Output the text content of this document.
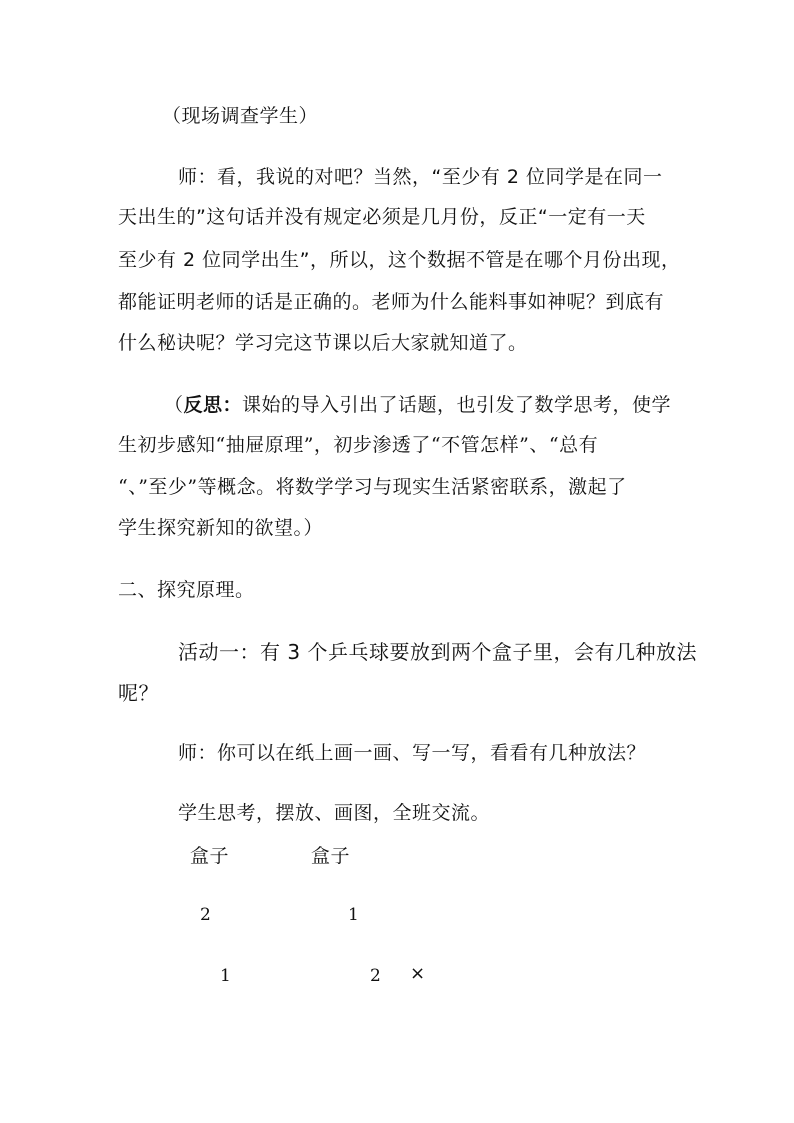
（现场调查学生）
师：看，我说的对吧？当然，“至少有 2 位同学是在同一
天出生的”这句话并没有规定必须是几月份，反正“一定有一天
至少有 2 位同学出生”，所以，这个数据不管是在哪个月份出现，
都能证明老师的话是正确的。老师为什么能料事如神呢？到底有
什么秘诀呢？学习完这节课以后大家就知道了。
（反思：课始的导入引出了话题，也引发了数学思考，使学
生初步感知“抽屉原理”，初步渗透了“不管怎样”、“总有
“、”至少”等概念。将数学学习与现实生活紧密联系，激起了
学生探究新知的欲望。）
二、探究原理。
活动一：有 3 个乒乓球要放到两个盒子里，会有几种放法
呢？
师：你可以在纸上画一画、写一写，看看有几种放法？
学生思考，摆放、画图，全班交流。
盒子	盒子
2	1
1	2 ×
